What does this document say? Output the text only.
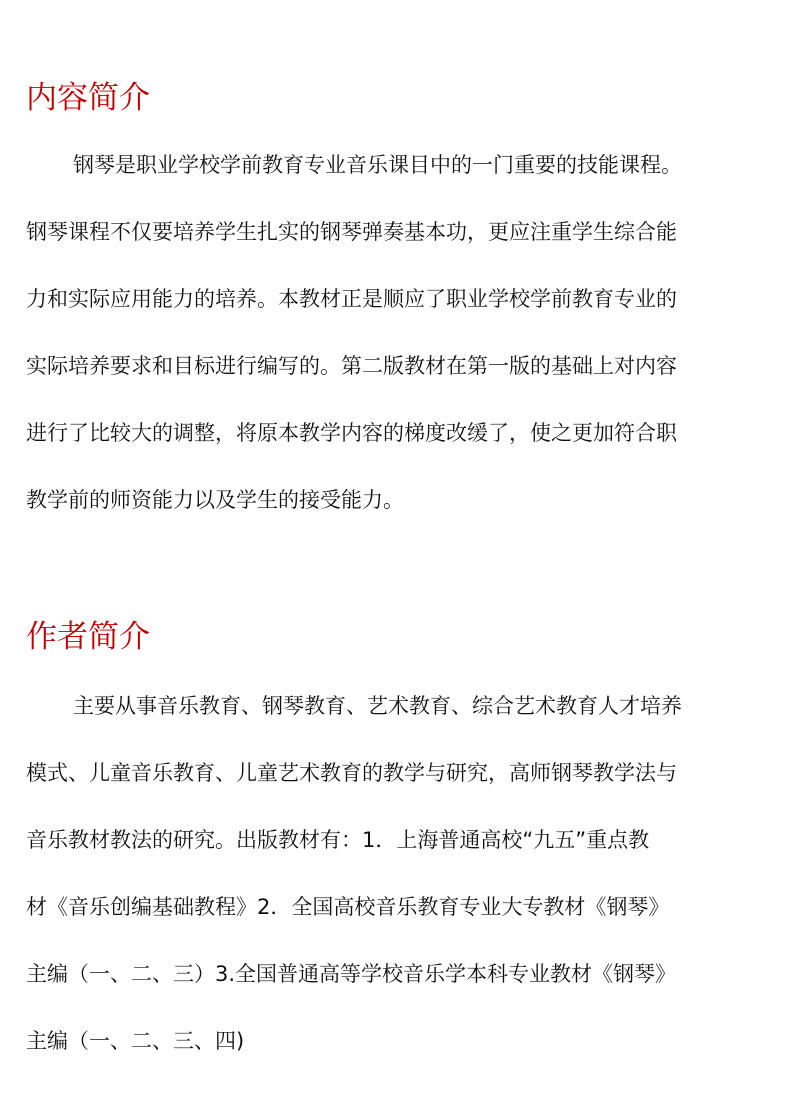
内容简介

钢琴是职业学校学前教育专业音乐课目中的一门重要的技能课程。

钢琴课程不仅要培养学生扎实的钢琴弹奏基本功，更应注重学生综合能

力和实际应用能力的培养。本教材正是顺应了职业学校学前教育专业的

实际培养要求和目标进行编写的。第二版教材在第一版的基础上对内容

进行了比较大的调整，将原本教学内容的梯度改缓了，使之更加符合职

教学前的师资能力以及学生的接受能力。

作者简介

主要从事音乐教育、钢琴教育、艺术教育、综合艺术教育人才培养

模式、儿童音乐教育、儿童艺术教育的教学与研究，高师钢琴教学法与

音乐教材教法的研究。出版教材有：1．上海普通高校“九五”重点教

材《音乐创编基础教程》2．全国高校音乐教育专业大专教材《钢琴》

主编（一、二、三）3.全国普通高等学校音乐学本科专业教材《钢琴》

主编（一、二、三、四)
